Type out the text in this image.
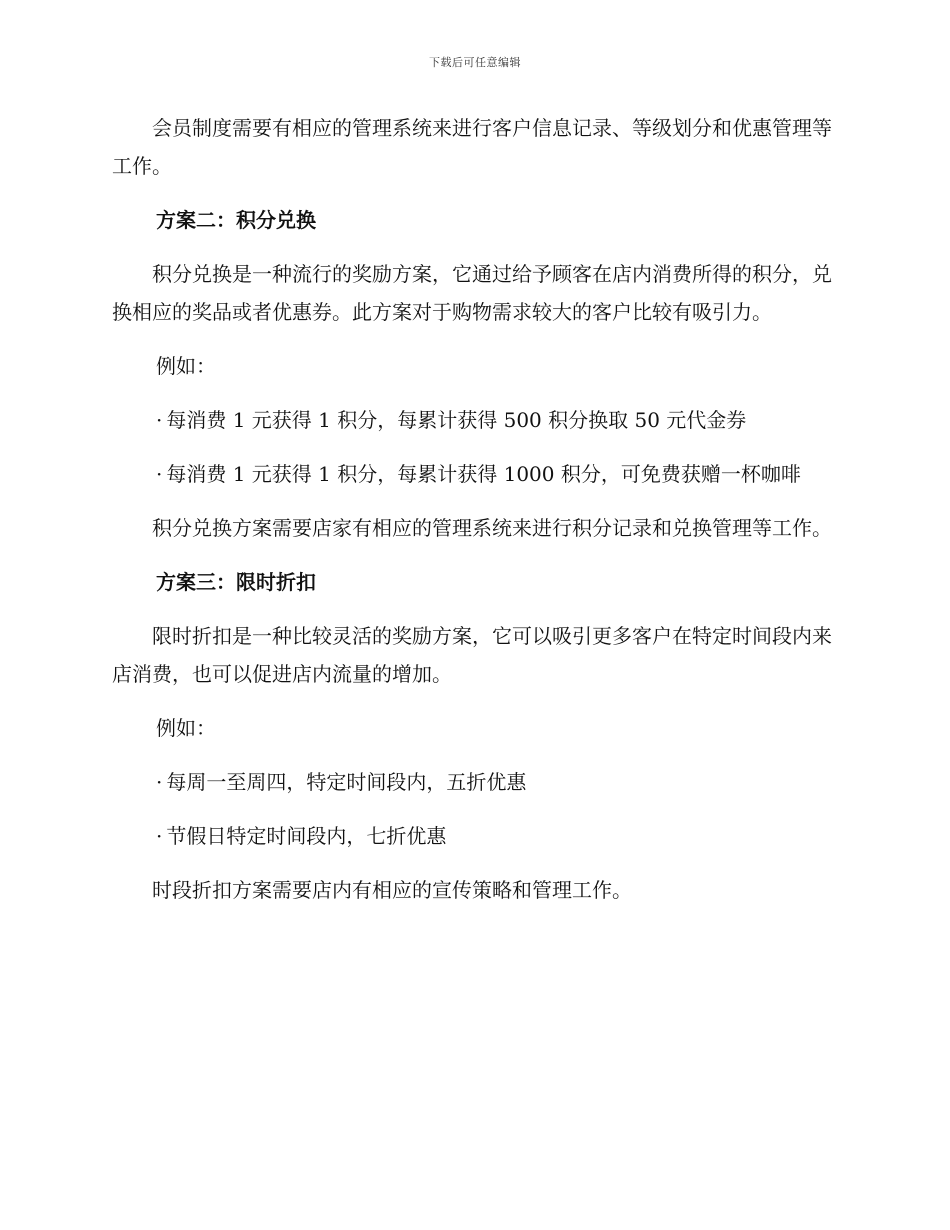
下载后可任意编辑

会员制度需要有相应的管理系统来进行客户信息记录、等级划分和优惠管理等工作。

方案二：积分兑换

积分兑换是一种流行的奖励方案，它通过给予顾客在店内消费所得的积分，兑换相应的奖品或者优惠券。此方案对于购物需求较大的客户比较有吸引力。

例如：

· 每消费 1 元获得 1 积分，每累计获得 500 积分换取 50 元代金券

· 每消费 1 元获得 1 积分，每累计获得 1000 积分，可免费获赠一杯咖啡

积分兑换方案需要店家有相应的管理系统来进行积分记录和兑换管理等工作。

方案三：限时折扣

限时折扣是一种比较灵活的奖励方案，它可以吸引更多客户在特定时间段内来店消费，也可以促进店内流量的增加。

例如：

· 每周一至周四，特定时间段内，五折优惠

· 节假日特定时间段内，七折优惠

时段折扣方案需要店内有相应的宣传策略和管理工作。
